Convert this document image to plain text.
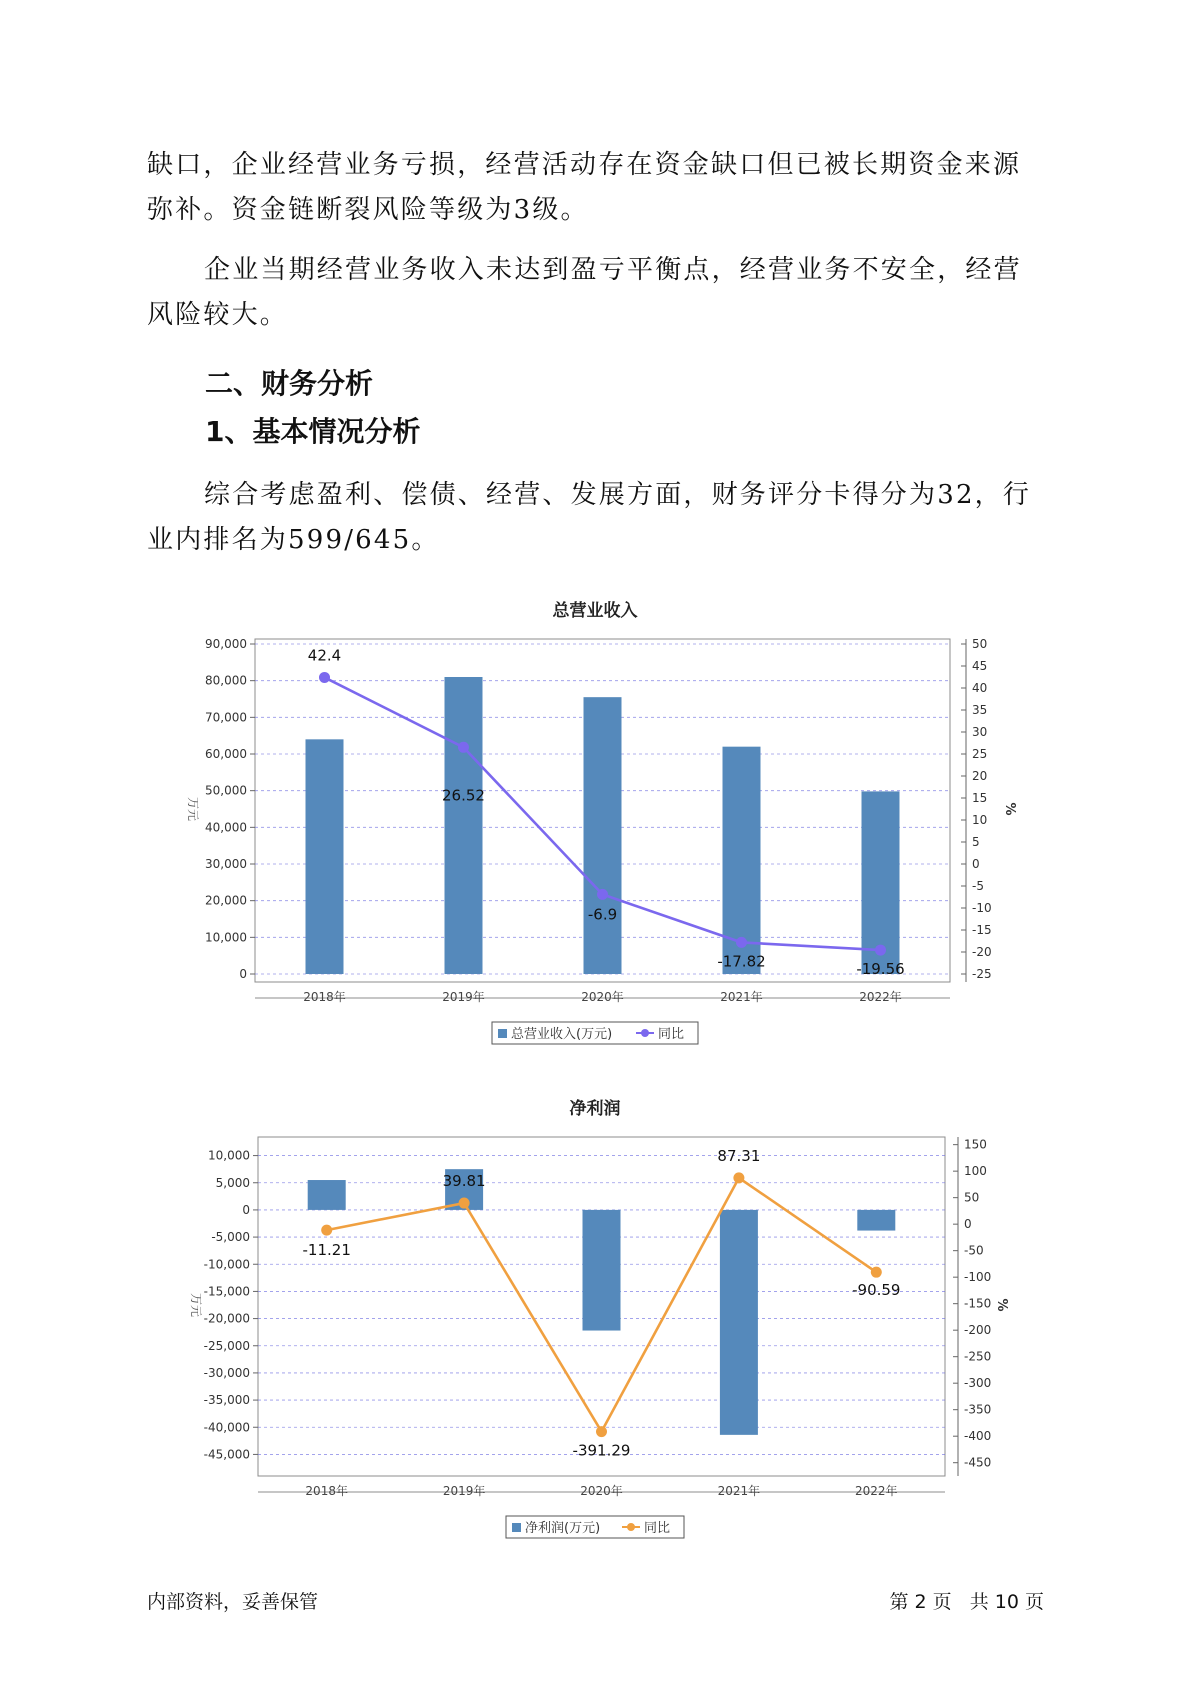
缺口，企业经营业务亏损，经营活动存在资金缺口但已被长期资金来源弥补。资金链断裂风险等级为3级。

企业当期经营业务收入未达到盈亏平衡点，经营业务不安全，经营风险较大。

二、财务分析
1、基本情况分析

综合考虑盈利、偿债、经营、发展方面，财务评分卡得分为32，行业内排名为599/645。

总营业收入
0
10,000
20,000
30,000
40,000
50,000
60,000
70,000
80,000
90,000
-25
-20
-15
-10
-5
0
5
10
15
20
25
30
35
40
45
50
万元	%
2018年	2019年	2020年	2021年	2022年
42.4
26.52
-6.9
-17.82	-19.56
总营业收入(万元)	同比
净利润
-45,000
-40,000
-35,000
-30,000
-25,000
-20,000
-15,000
-10,000
-5,000
0
5,000
10,000
-450
-400
-350
-300
-250
-200
-150
-100
-50
0
50
100
150
万元	%
2018年	2019年	2020年	2021年	2022年
-11.21
39.81
-391.29
87.31
-90.59
净利润(万元)	同比
内部资料，妥善保管	第 2 页   共 10 页
